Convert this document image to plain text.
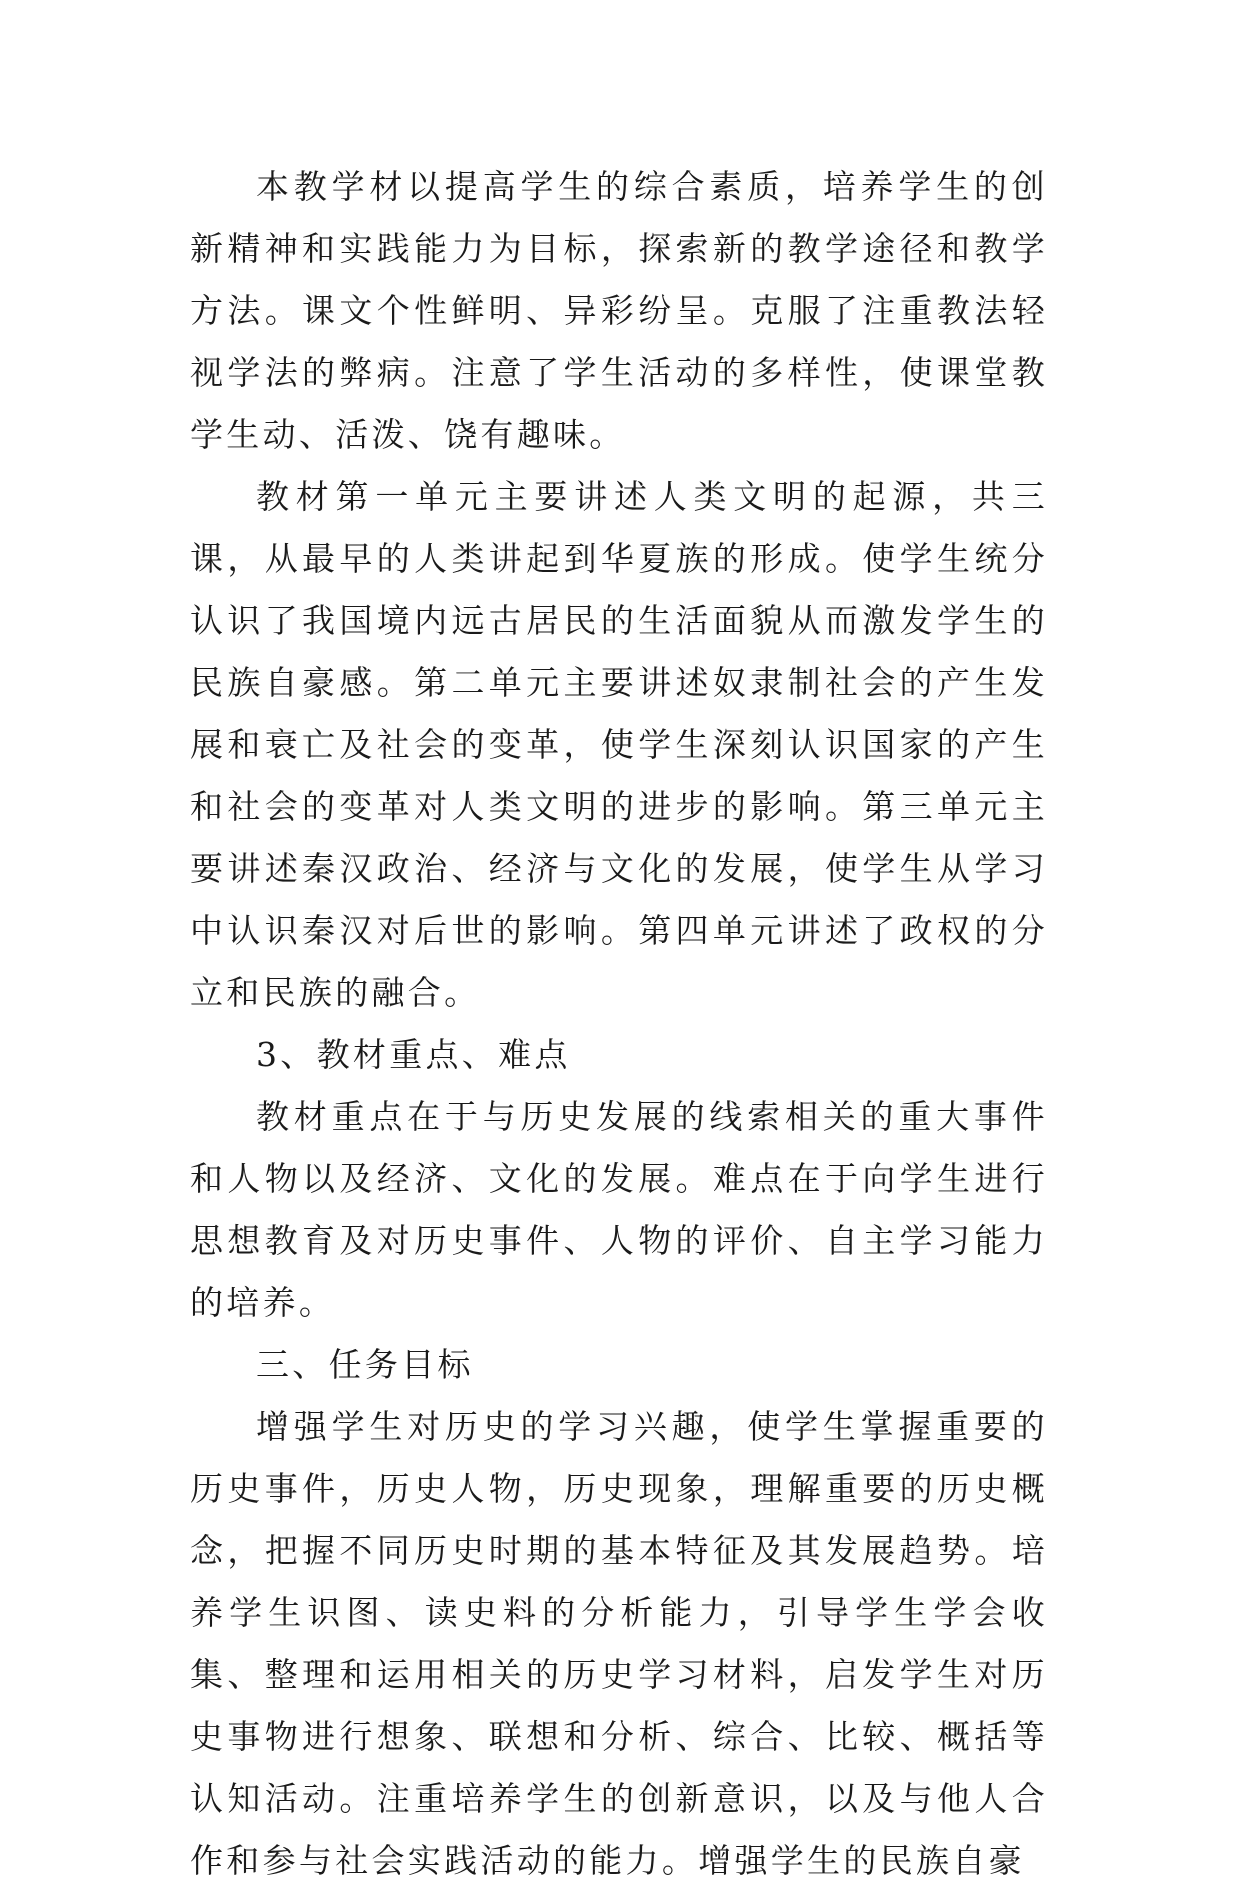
本教学材以提高学生的综合素质，培养学生的创新精神和实践能力为目标，探索新的教学途径和教学方法。课文个性鲜明、异彩纷呈。克服了注重教法轻视学法的弊病。注意了学生活动的多样性，使课堂教学生动、活泼、饶有趣味。

教材第一单元主要讲述人类文明的起源，共三课，从最早的人类讲起到华夏族的形成。使学生统分认识了我国境内远古居民的生活面貌从而激发学生的民族自豪感。第二单元主要讲述奴隶制社会的产生发展和衰亡及社会的变革，使学生深刻认识国家的产生和社会的变革对人类文明的进步的影响。第三单元主要讲述秦汉政治、经济与文化的发展，使学生从学习中认识秦汉对后世的影响。第四单元讲述了政权的分立和民族的融合。

3、教材重点、难点

教材重点在于与历史发展的线索相关的重大事件和人物以及经济、文化的发展。难点在于向学生进行思想教育及对历史事件、人物的评价、自主学习能力的培养。

三、任务目标

增强学生对历史的学习兴趣，使学生掌握重要的历史事件，历史人物，历史现象，理解重要的历史概念，把握不同历史时期的基本特征及其发展趋势。培养学生识图、读史料的分析能力，引导学生学会收集、整理和运用相关的历史学习材料，启发学生对历史事物进行想象、联想和分析、综合、比较、概括等认知活动。注重培养学生的创新意识，以及与他人合作和参与社会实践活动的能力。增强学生的民族自豪
